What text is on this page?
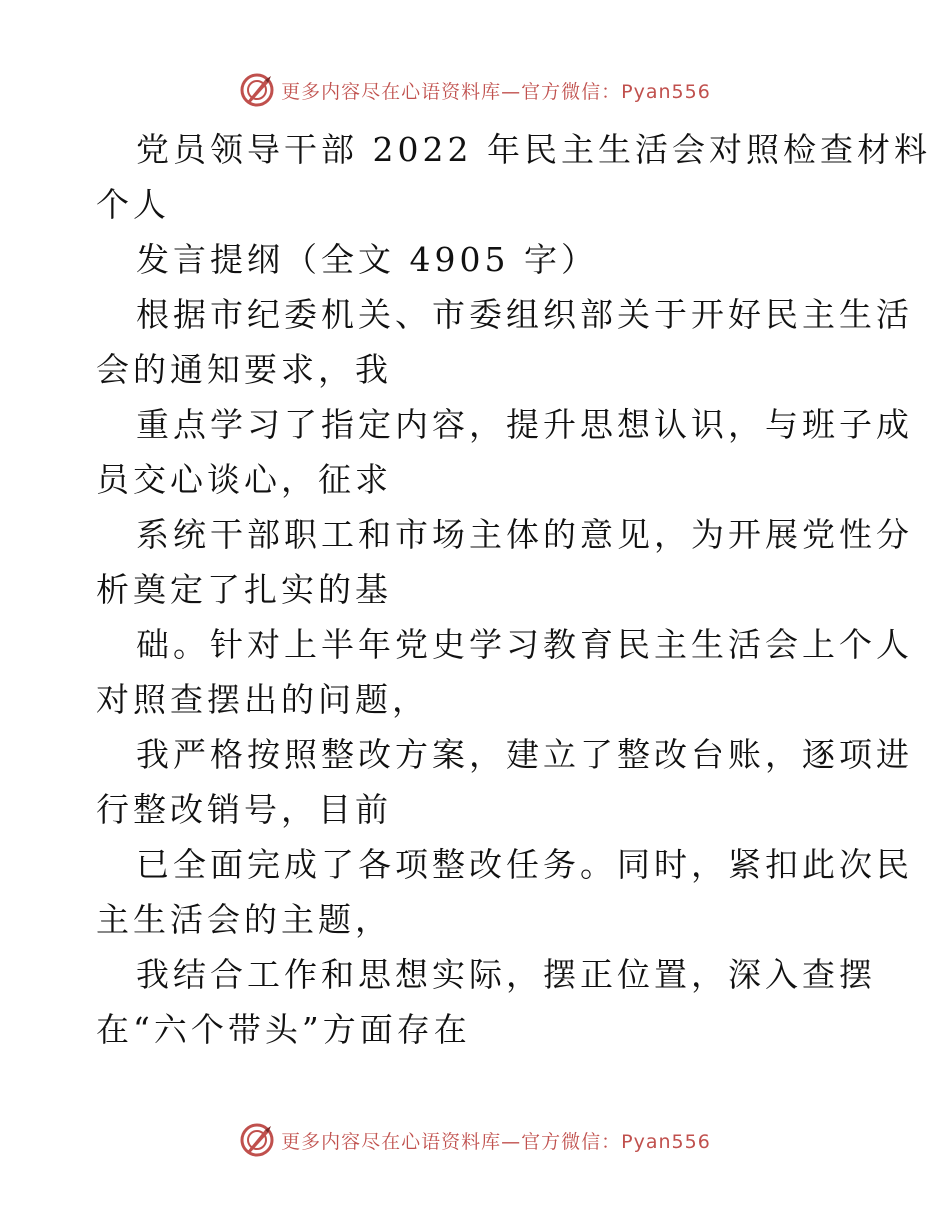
更多内容尽在心语资料库—官方微信：Pyan556

党员领导干部 2022 年民主生活会对照检查材料
个人

发言提纲（全文 4905 字）

根据市纪委机关、市委组织部关于开好民主生活
会的通知要求，我

重点学习了指定内容，提升思想认识，与班子成
员交心谈心，征求

系统干部职工和市场主体的意见，为开展党性分
析奠定了扎实的基

础。针对上半年党史学习教育民主生活会上个人
对照查摆出的问题，

我严格按照整改方案，建立了整改台账，逐项进
行整改销号，目前

已全面完成了各项整改任务。同时，紧扣此次民
主生活会的主题，

我结合工作和思想实际，摆正位置，深入查摆
在“六个带头”方面存在

更多内容尽在心语资料库—官方微信：Pyan556
